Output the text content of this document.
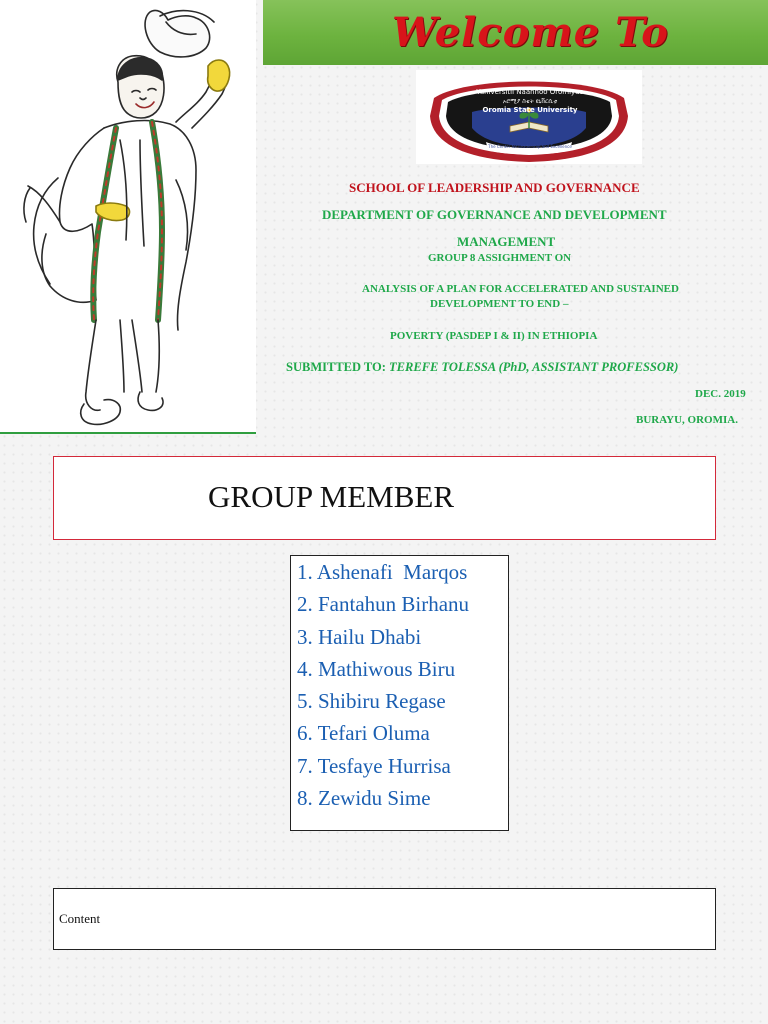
Welcome To
Yuniversitii Naannoo Oromiyaa
ኦሮሚያ ስቴት ዩኒቨርሲቲ
Oromia State University
The Center for Leadership and Excellence
SCHOOL OF LEADERSHIP AND GOVERNANCE
DEPARTMENT OF GOVERNANCE AND DEVELOPMENT
MANAGEMENT
GROUP 8 ASSIGHMENT ON
ANALYSIS OF A PLAN FOR ACCELERATED AND SUSTAINED
DEVELOPMENT TO END –
POVERTY (PASDEP I & II) IN ETHIOPIA
SUBMITTED TO: TEREFE TOLESSA (PhD, ASSISTANT PROFESSOR)
DEC. 2019
BURAYU, OROMIA.
GROUP MEMBER
1. Ashenafi  Marqos
2. Fantahun Birhanu
3. Hailu Dhabi
4. Mathiwous Biru
5. Shibiru Regase
6. Tefari Oluma
7. Tesfaye Hurrisa
8. Zewidu Sime
Content
